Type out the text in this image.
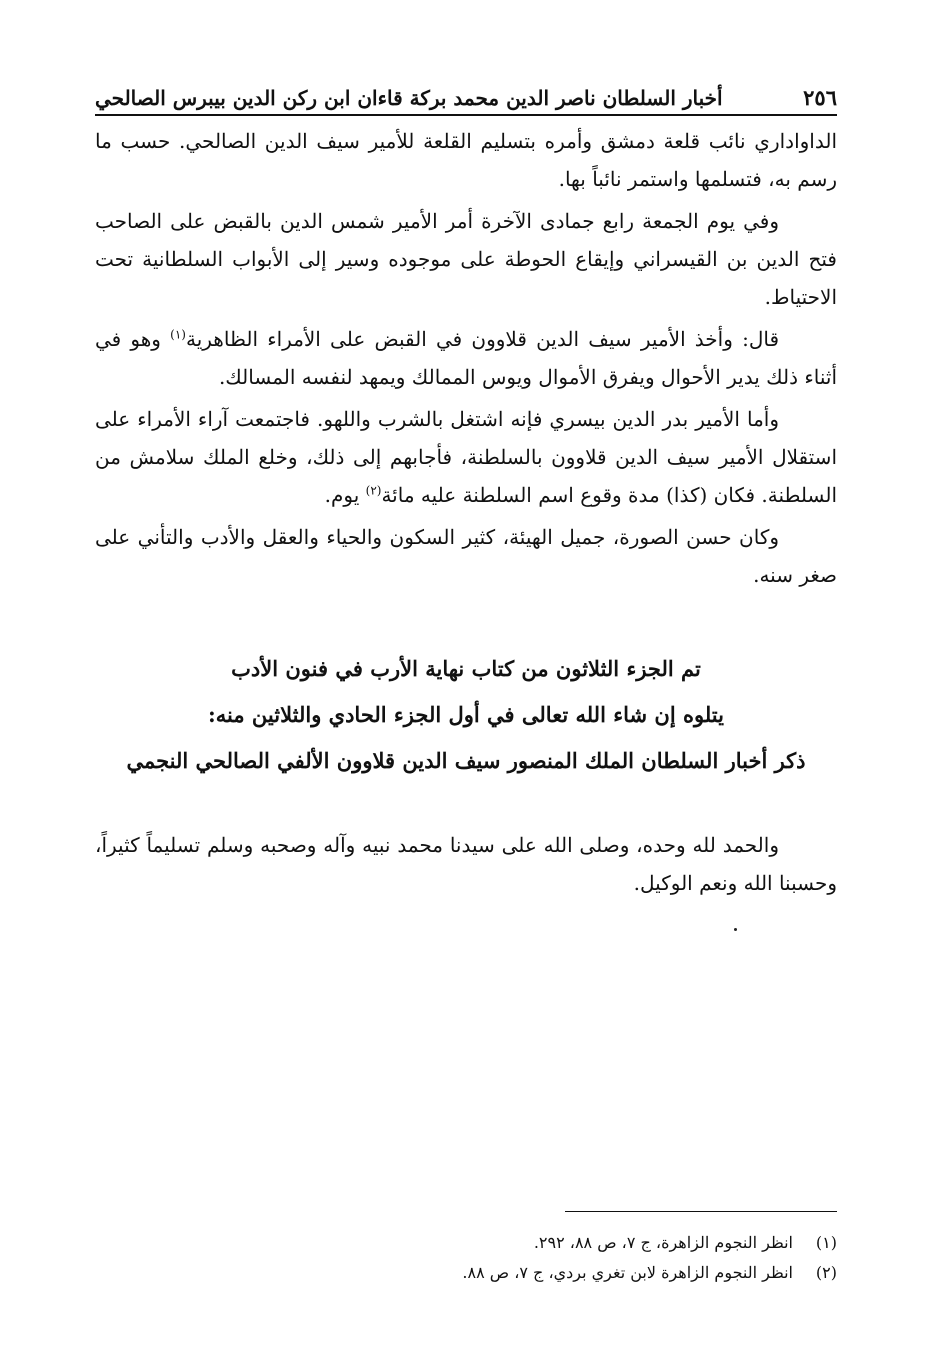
٢٥٦
أخبار السلطان ناصر الدين محمد بركة قاءان ابن ركن الدين بيبرس الصالحي

الداواداري نائب قلعة دمشق وأمره بتسليم القلعة للأمير سيف الدين الصالحي. حسب ما رسم به، فتسلمها واستمر نائباً بها.

وفي يوم الجمعة رابع جمادى الآخرة أمر الأمير شمس الدين بالقبض على الصاحب فتح الدين بن القيسراني وإيقاع الحوطة على موجوده وسير إلى الأبواب السلطانية تحت الاحتياط.

قال: وأخذ الأمير سيف الدين قلاوون في القبض على الأمراء الظاهرية$^{(١)}$ وهو في أثناء ذلك يدير الأحوال ويفرق الأموال ويوس الممالك ويمهد لنفسه المسالك.

وأما الأمير بدر الدين بيسري فإنه اشتغل بالشرب واللهو. فاجتمعت آراء الأمراء على استقلال الأمير سيف الدين قلاوون بالسلطنة، فأجابهم إلى ذلك، وخلع الملك سلامش من السلطنة. فكان (كذا) مدة وقوع اسم السلطنة عليه مائة$^{(٢)}$ يوم.

وكان حسن الصورة، جميل الهيئة، كثير السكون والحياء والعقل والأدب والتأني على صغر سنه.

تم الجزء الثلاثون من كتاب نهاية الأرب في فنون الأدب
يتلوه إن شاء الله تعالى في أول الجزء الحادي والثلاثين منه:
ذكر أخبار السلطان الملك المنصور سيف الدين قلاوون الألفي الصالحي النجمي

والحمد لله وحده، وصلى الله على سيدنا محمد نبيه وآله وصحبه وسلم تسليماً كثيراً، وحسبنا الله ونعم الوكيل.

(١)
انظر النجوم الزاهرة، ج ٧، ص ٨٨، ٢٩٢.
(٢)
انظر النجوم الزاهرة لابن تغري بردي، ج ٧، ص ٨٨.
